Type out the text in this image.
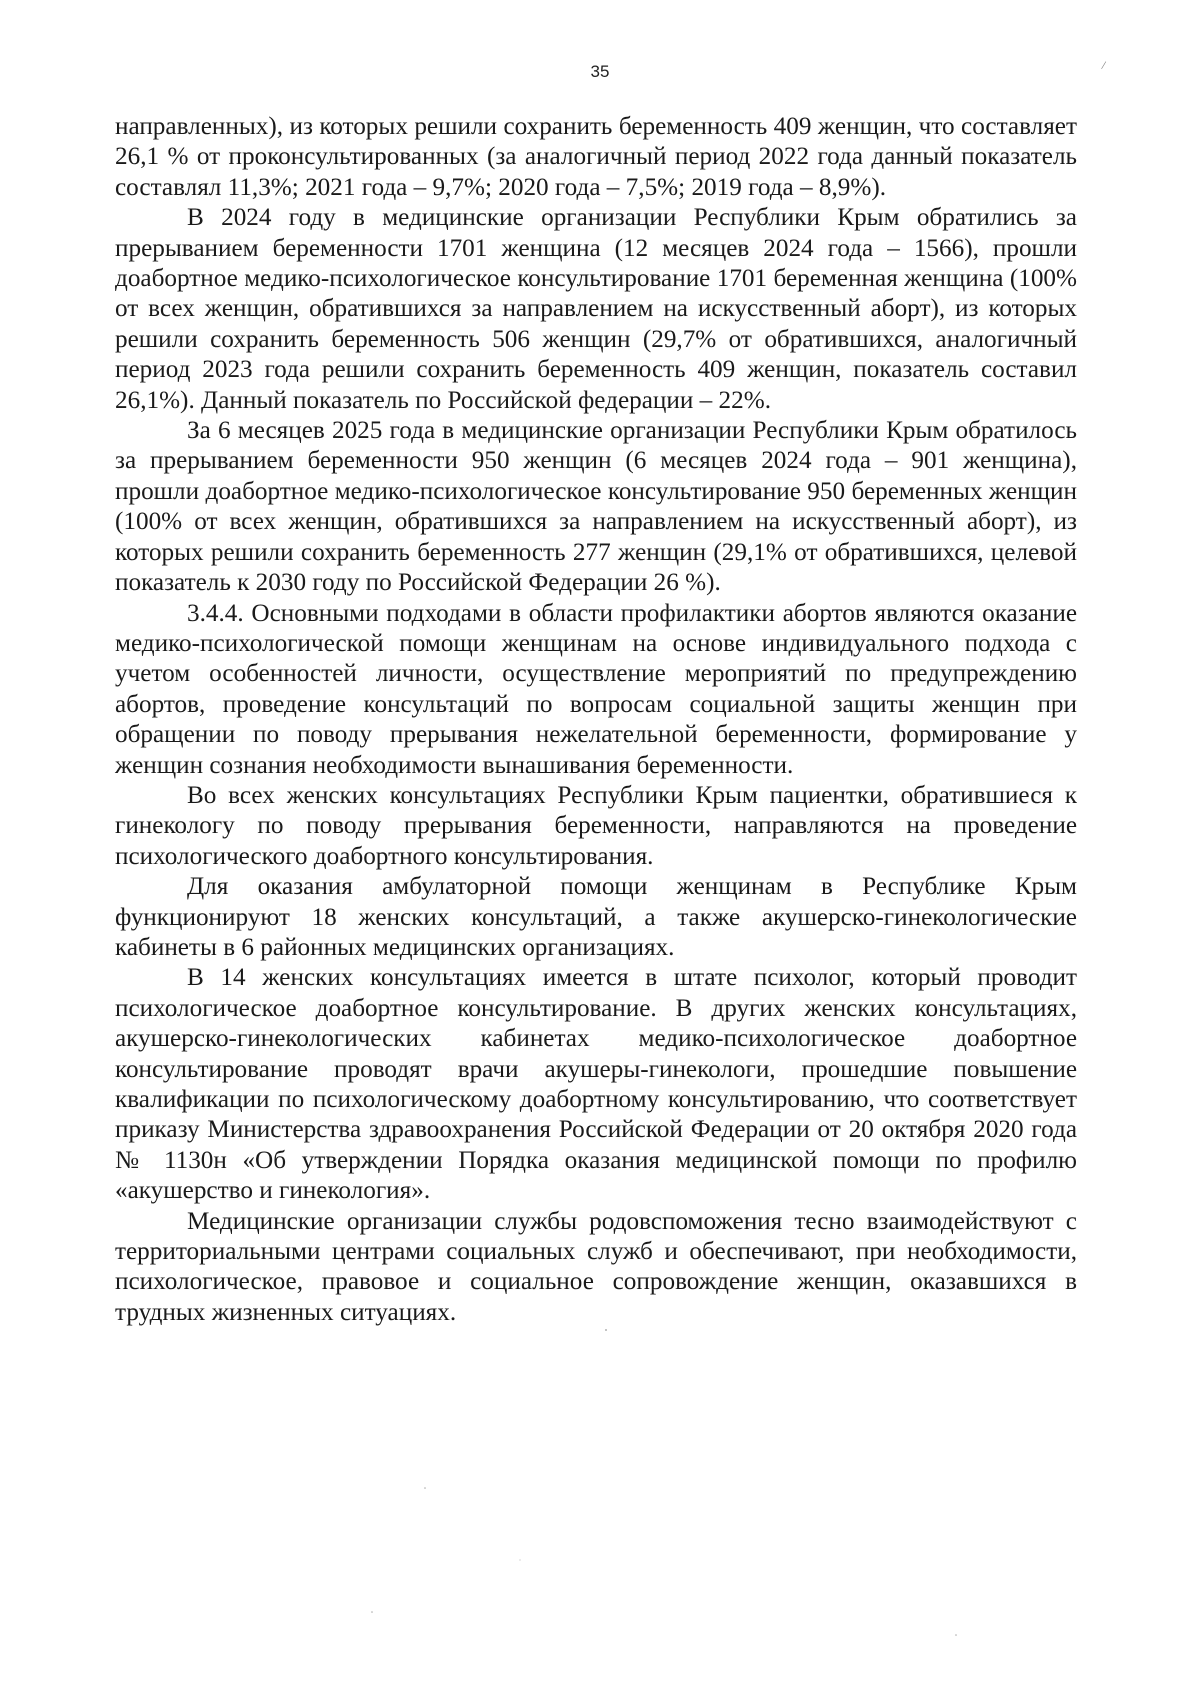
35	/

направленных), из которых решили сохранить беременность 409 женщин, что составляет 26,1 % от проконсультированных (за аналогичный период 2022 года данный показатель составлял 11,3%; 2021 года – 9,7%; 2020 года – 7,5%; 2019 года – 8,9%).

В 2024 году в медицинские организации Республики Крым обратились за прерыванием беременности 1701 женщина (12 месяцев 2024 года – 1566), прошли доабортное медико-психологическое консультирование 1701 беременная женщина (100% от всех женщин, обратившихся за направлением на искусственный аборт), из которых решили сохранить беременность 506 женщин (29,7% от обратившихся, аналогичный период 2023 года решили сохранить беременность 409 женщин, показатель составил 26,1%). Данный показатель по Российской федерации – 22%.

За 6 месяцев 2025 года в медицинские организации Республики Крым обратилось за прерыванием беременности 950 женщин (6 месяцев 2024 года – 901 женщина), прошли доабортное медико-психологическое консультирование 950 беременных женщин (100% от всех женщин, обратившихся за направлением на искусственный аборт), из которых решили сохранить беременность 277 женщин (29,1% от обратившихся, целевой показатель к 2030 году по Российской Федерации 26 %).

3.4.4. Основными подходами в области профилактики абортов являются оказание медико-психологической помощи женщинам на основе индивидуального подхода с учетом особенностей личности, осуществление мероприятий по предупреждению абортов, проведение консультаций по вопросам социальной защиты женщин при обращении по поводу прерывания нежелательной беременности, формирование у женщин сознания необходимости вынашивания беременности.

Во всех женских консультациях Республики Крым пациентки, обратившиеся к гинекологу по поводу прерывания беременности, направляются на проведение психологического доабортного консультирования.

Для оказания амбулаторной помощи женщинам в Республике Крым функционируют 18 женских консультаций, а также акушерско-гинекологические кабинеты в 6 районных медицинских организациях.

В 14 женских консультациях имеется в штате психолог, который проводит психологическое доабортное консультирование. В других женских консультациях, акушерско-гинекологических кабинетах медико-психологическое доабортное консультирование проводят врачи акушеры-гинекологи, прошедшие повышение квалификации по психологическому доабортному консультированию, что соответствует приказу Министерства здравоохранения Российской Федерации от 20 октября 2020 года № 1130н «Об утверждении Порядка оказания медицинской помощи по профилю «акушерство и гинекология».

Медицинские организации службы родовспоможения тесно взаимодействуют с территориальными центрами социальных служб и обеспечивают, при необходимости, психологическое, правовое и социальное сопровождение женщин, оказавшихся в трудных жизненных ситуациях.
